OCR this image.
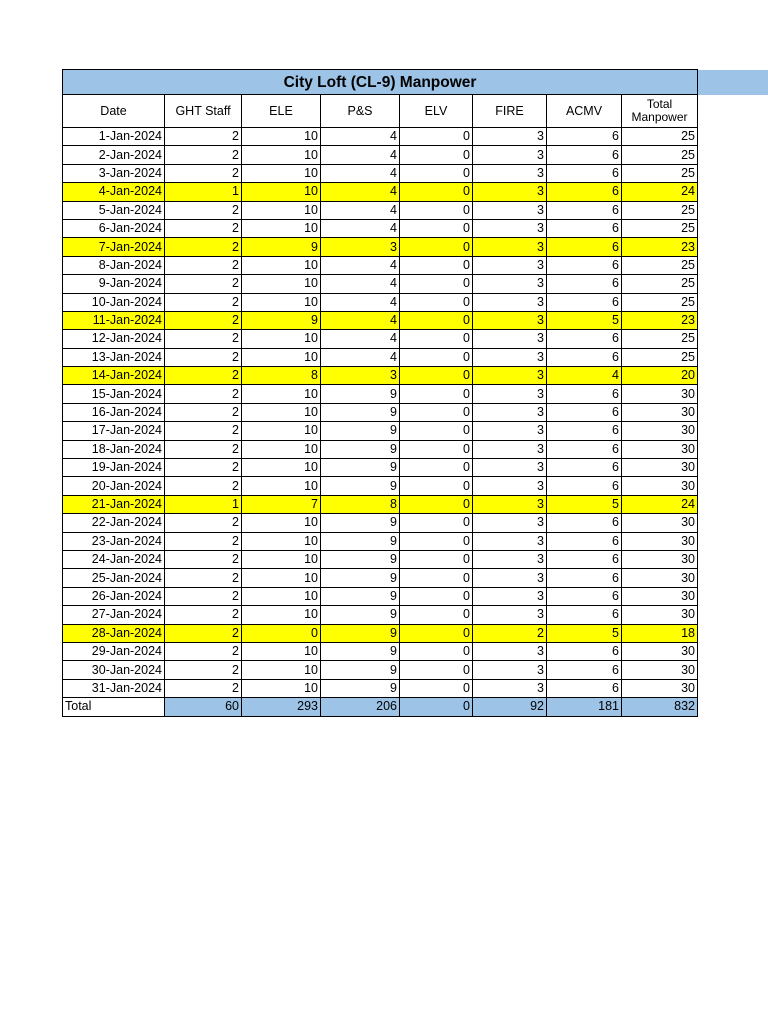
City Loft (CL-9) Manpower							
Date	GHT Staff	ELE	P&S	ELV	FIRE	ACMV	Total Manpower
1-Jan-2024	2	10	4	0	3	6	25
2-Jan-2024	2	10	4	0	3	6	25
3-Jan-2024	2	10	4	0	3	6	25
4-Jan-2024	1	10	4	0	3	6	24
5-Jan-2024	2	10	4	0	3	6	25
6-Jan-2024	2	10	4	0	3	6	25
7-Jan-2024	2	9	3	0	3	6	23
8-Jan-2024	2	10	4	0	3	6	25
9-Jan-2024	2	10	4	0	3	6	25
10-Jan-2024	2	10	4	0	3	6	25
11-Jan-2024	2	9	4	0	3	5	23
12-Jan-2024	2	10	4	0	3	6	25
13-Jan-2024	2	10	4	0	3	6	25
14-Jan-2024	2	8	3	0	3	4	20
15-Jan-2024	2	10	9	0	3	6	30
16-Jan-2024	2	10	9	0	3	6	30
17-Jan-2024	2	10	9	0	3	6	30
18-Jan-2024	2	10	9	0	3	6	30
19-Jan-2024	2	10	9	0	3	6	30
20-Jan-2024	2	10	9	0	3	6	30
21-Jan-2024	1	7	8	0	3	5	24
22-Jan-2024	2	10	9	0	3	6	30
23-Jan-2024	2	10	9	0	3	6	30
24-Jan-2024	2	10	9	0	3	6	30
25-Jan-2024	2	10	9	0	3	6	30
26-Jan-2024	2	10	9	0	3	6	30
27-Jan-2024	2	10	9	0	3	6	30
28-Jan-2024	2	0	9	0	2	5	18
29-Jan-2024	2	10	9	0	3	6	30
30-Jan-2024	2	10	9	0	3	6	30
31-Jan-2024	2	10	9	0	3	6	30
Total	60	293	206	0	92	181	832
